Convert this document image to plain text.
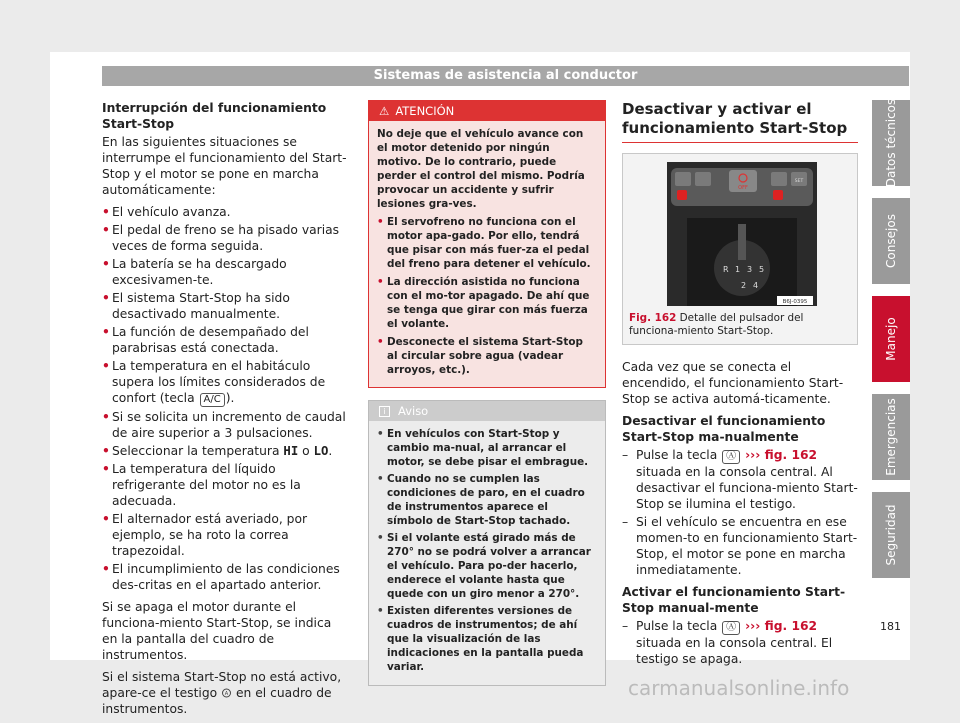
Sistemas de asistencia al conductor
Interrupción del funcionamiento Start-Stop
En las siguientes situaciones se interrumpe el funcionamiento del Start-Stop y el motor se pone en marcha automáticamente:
• El vehículo avanza.
• El pedal de freno se ha pisado varias veces de forma seguida.
• La batería se ha descargado excesivamen-te.
• El sistema Start-Stop ha sido desactivado manualmente.
• La función de desempañado del parabrisas está conectada.
• La temperatura en el habitáculo supera los límites considerados de confort (tecla A/C ).
• Si se solicita un incremento de caudal de aire superior a 3 pulsaciones.
• Seleccionar la temperatura HI o LO.
• La temperatura del líquido refrigerante del motor no es la adecuada.
• El alternador está averiado, por ejemplo, se ha roto la correa trapezoidal.
• El incumplimiento de las condiciones des-critas en el apartado anterior.
Si se apaga el motor durante el funciona-miento Start-Stop, se indica en la pantalla del cuadro de instrumentos.
Si el sistema Start-Stop no está activo, apare-ce el testigo A en el cuadro de instrumentos.
⚠ ATENCIÓN
No deje que el vehículo avance con el motor detenido por ningún motivo. De lo contrario, puede perder el control del mismo. Podría provocar un accidente y sufrir lesiones gra-ves.
• El servofreno no funciona con el motor apa-gado. Por ello, tendrá que pisar con más fuer-za el pedal del freno para detener el vehículo.
• La dirección asistida no funciona con el mo-tor apagado. De ahí que se tenga que girar con más fuerza el volante.
• Desconecte el sistema Start-Stop al circular sobre agua (vadear arroyos, etc.).
i Aviso
• En vehículos con Start-Stop y cambio ma-nual, al arrancar el motor, se debe pisar el embrague.
• Cuando no se cumplen las condiciones de paro, en el cuadro de instrumentos aparece el símbolo de Start-Stop tachado.
• Si el volante está girado más de 270° no se podrá volver a arrancar el vehículo. Para po-der hacerlo, enderece el volante hasta que quede con un giro menor a 270°.
• Existen diferentes versiones de cuadros de instrumentos; de ahí que la visualización de las indicaciones en la pantalla pueda variar.
Desactivar y activar el funcionamiento Start-Stop
OFF
SET
R 1 3 5
2 4
B6J-0395
Fig. 162 Detalle del pulsador del funciona-miento Start-Stop.
Cada vez que se conecta el encendido, el funcionamiento Start-Stop se activa automá-ticamente.
Desactivar el funcionamiento Start-Stop ma-nualmente
– Pulse la tecla Ⓐ ››› fig. 162 situada en la consola central. Al desactivar el funciona-miento Start-Stop se ilumina el testigo.
– Si el vehículo se encuentra en ese momen-to en funcionamiento Start-Stop, el motor se pone en marcha inmediatamente.
Activar el funcionamiento Start-Stop manual-mente
– Pulse la tecla Ⓐ ››› fig. 162 situada en la consola central. El testigo se apaga.
Datos técnicos
Consejos
Manejo
Emergencias
Seguridad
181
carmanualsonline.info
